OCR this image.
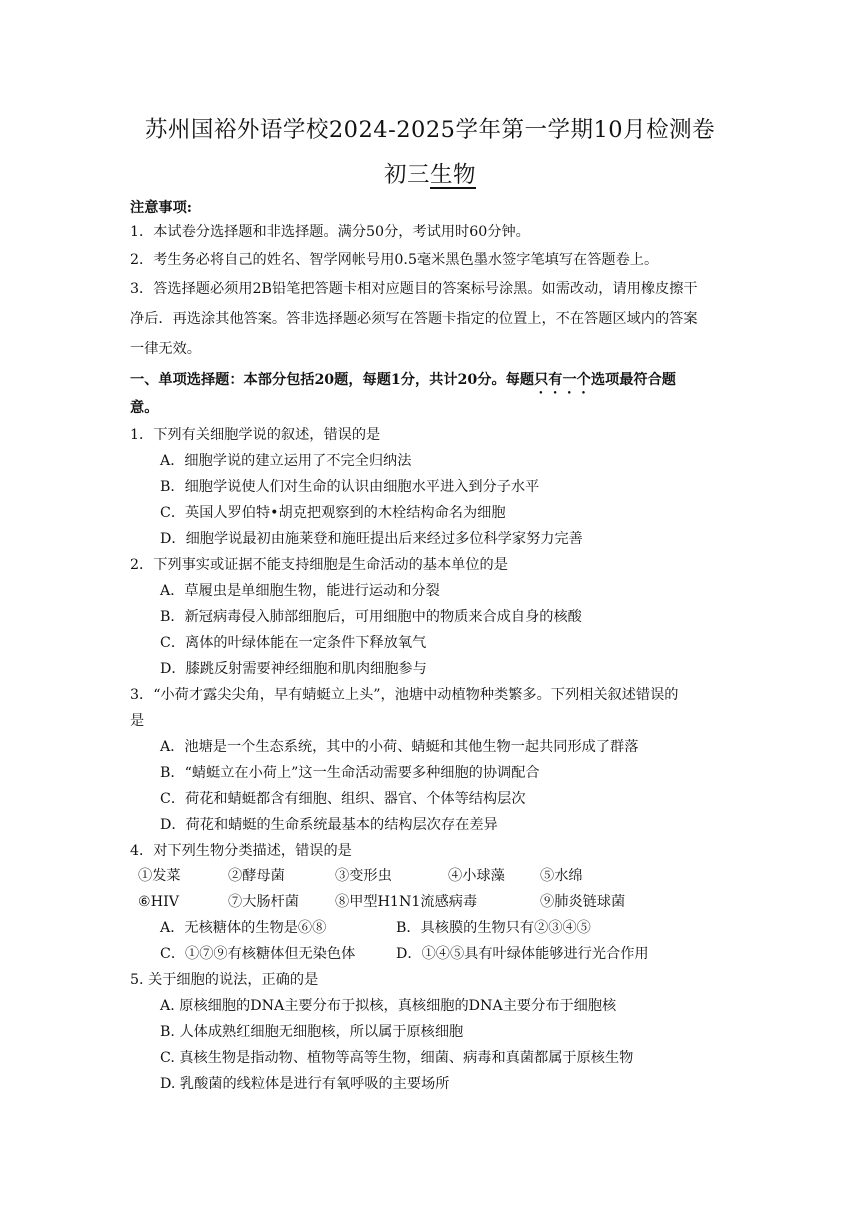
苏州国裕外语学校2024-2025学年第一学期10月检测卷
初三生物
注意事项:
1．本试卷分选择题和非选择题。满分50分，考试用时60分钟。
2．考生务必将自己的姓名、智学网帐号用0.5毫米黑色墨水签字笔填写在答题卷上。
3．答选择题必须用2B铅笔把答题卡相对应题目的答案标号涂黑。如需改动，请用橡皮擦干
净后．再选涂其他答案。答非选择题必须写在答题卡指定的位置上，不在答题区域内的答案
一律无效。
一、单项选择题：本部分包括20题，每题1分，共计20分。每题只有一个选项最符合题
意。
1．下列有关细胞学说的叙述，错误的是
A．细胞学说的建立运用了不完全归纳法
B．细胞学说使人们对生命的认识由细胞水平进入到分子水平
C．英国人罗伯特•胡克把观察到的木栓结构命名为细胞
D．细胞学说最初由施莱登和施旺提出后来经过多位科学家努力完善
2．下列事实或证据不能支持细胞是生命活动的基本单位的是
A．草履虫是单细胞生物，能进行运动和分裂
B．新冠病毒侵入肺部细胞后，可用细胞中的物质来合成自身的核酸
C．离体的叶绿体能在一定条件下释放氧气
D．膝跳反射需要神经细胞和肌肉细胞参与
3．“小荷才露尖尖角，早有蜻蜓立上头”，池塘中动植物种类繁多。下列相关叙述错误的
是
A．池塘是一个生态系统，其中的小荷、蜻蜓和其他生物一起共同形成了群落
B．“蜻蜓立在小荷上”这一生命活动需要多种细胞的协调配合
C．荷花和蜻蜓都含有细胞、组织、器官、个体等结构层次
D．荷花和蜻蜓的生命系统最基本的结构层次存在差异
4．对下列生物分类描述，错误的是
①发菜	②酵母菌	③变形虫	④小球藻 ⑤水绵
⑥HIV	⑦大肠杆菌	⑧甲型H1N1流感病毒	⑨肺炎链球菌
A．无核糖体的生物是⑥⑧	B．具核膜的生物只有②③④⑤
C．①⑦⑨有核糖体但无染色体	D．①④⑤具有叶绿体能够进行光合作用
5. 关于细胞的说法，正确的是
A. 原核细胞的DNA主要分布于拟核，真核细胞的DNA主要分布于细胞核
B. 人体成熟红细胞无细胞核，所以属于原核细胞
C. 真核生物是指动物、植物等高等生物，细菌、病毒和真菌都属于原核生物
D. 乳酸菌的线粒体是进行有氧呼吸的主要场所
